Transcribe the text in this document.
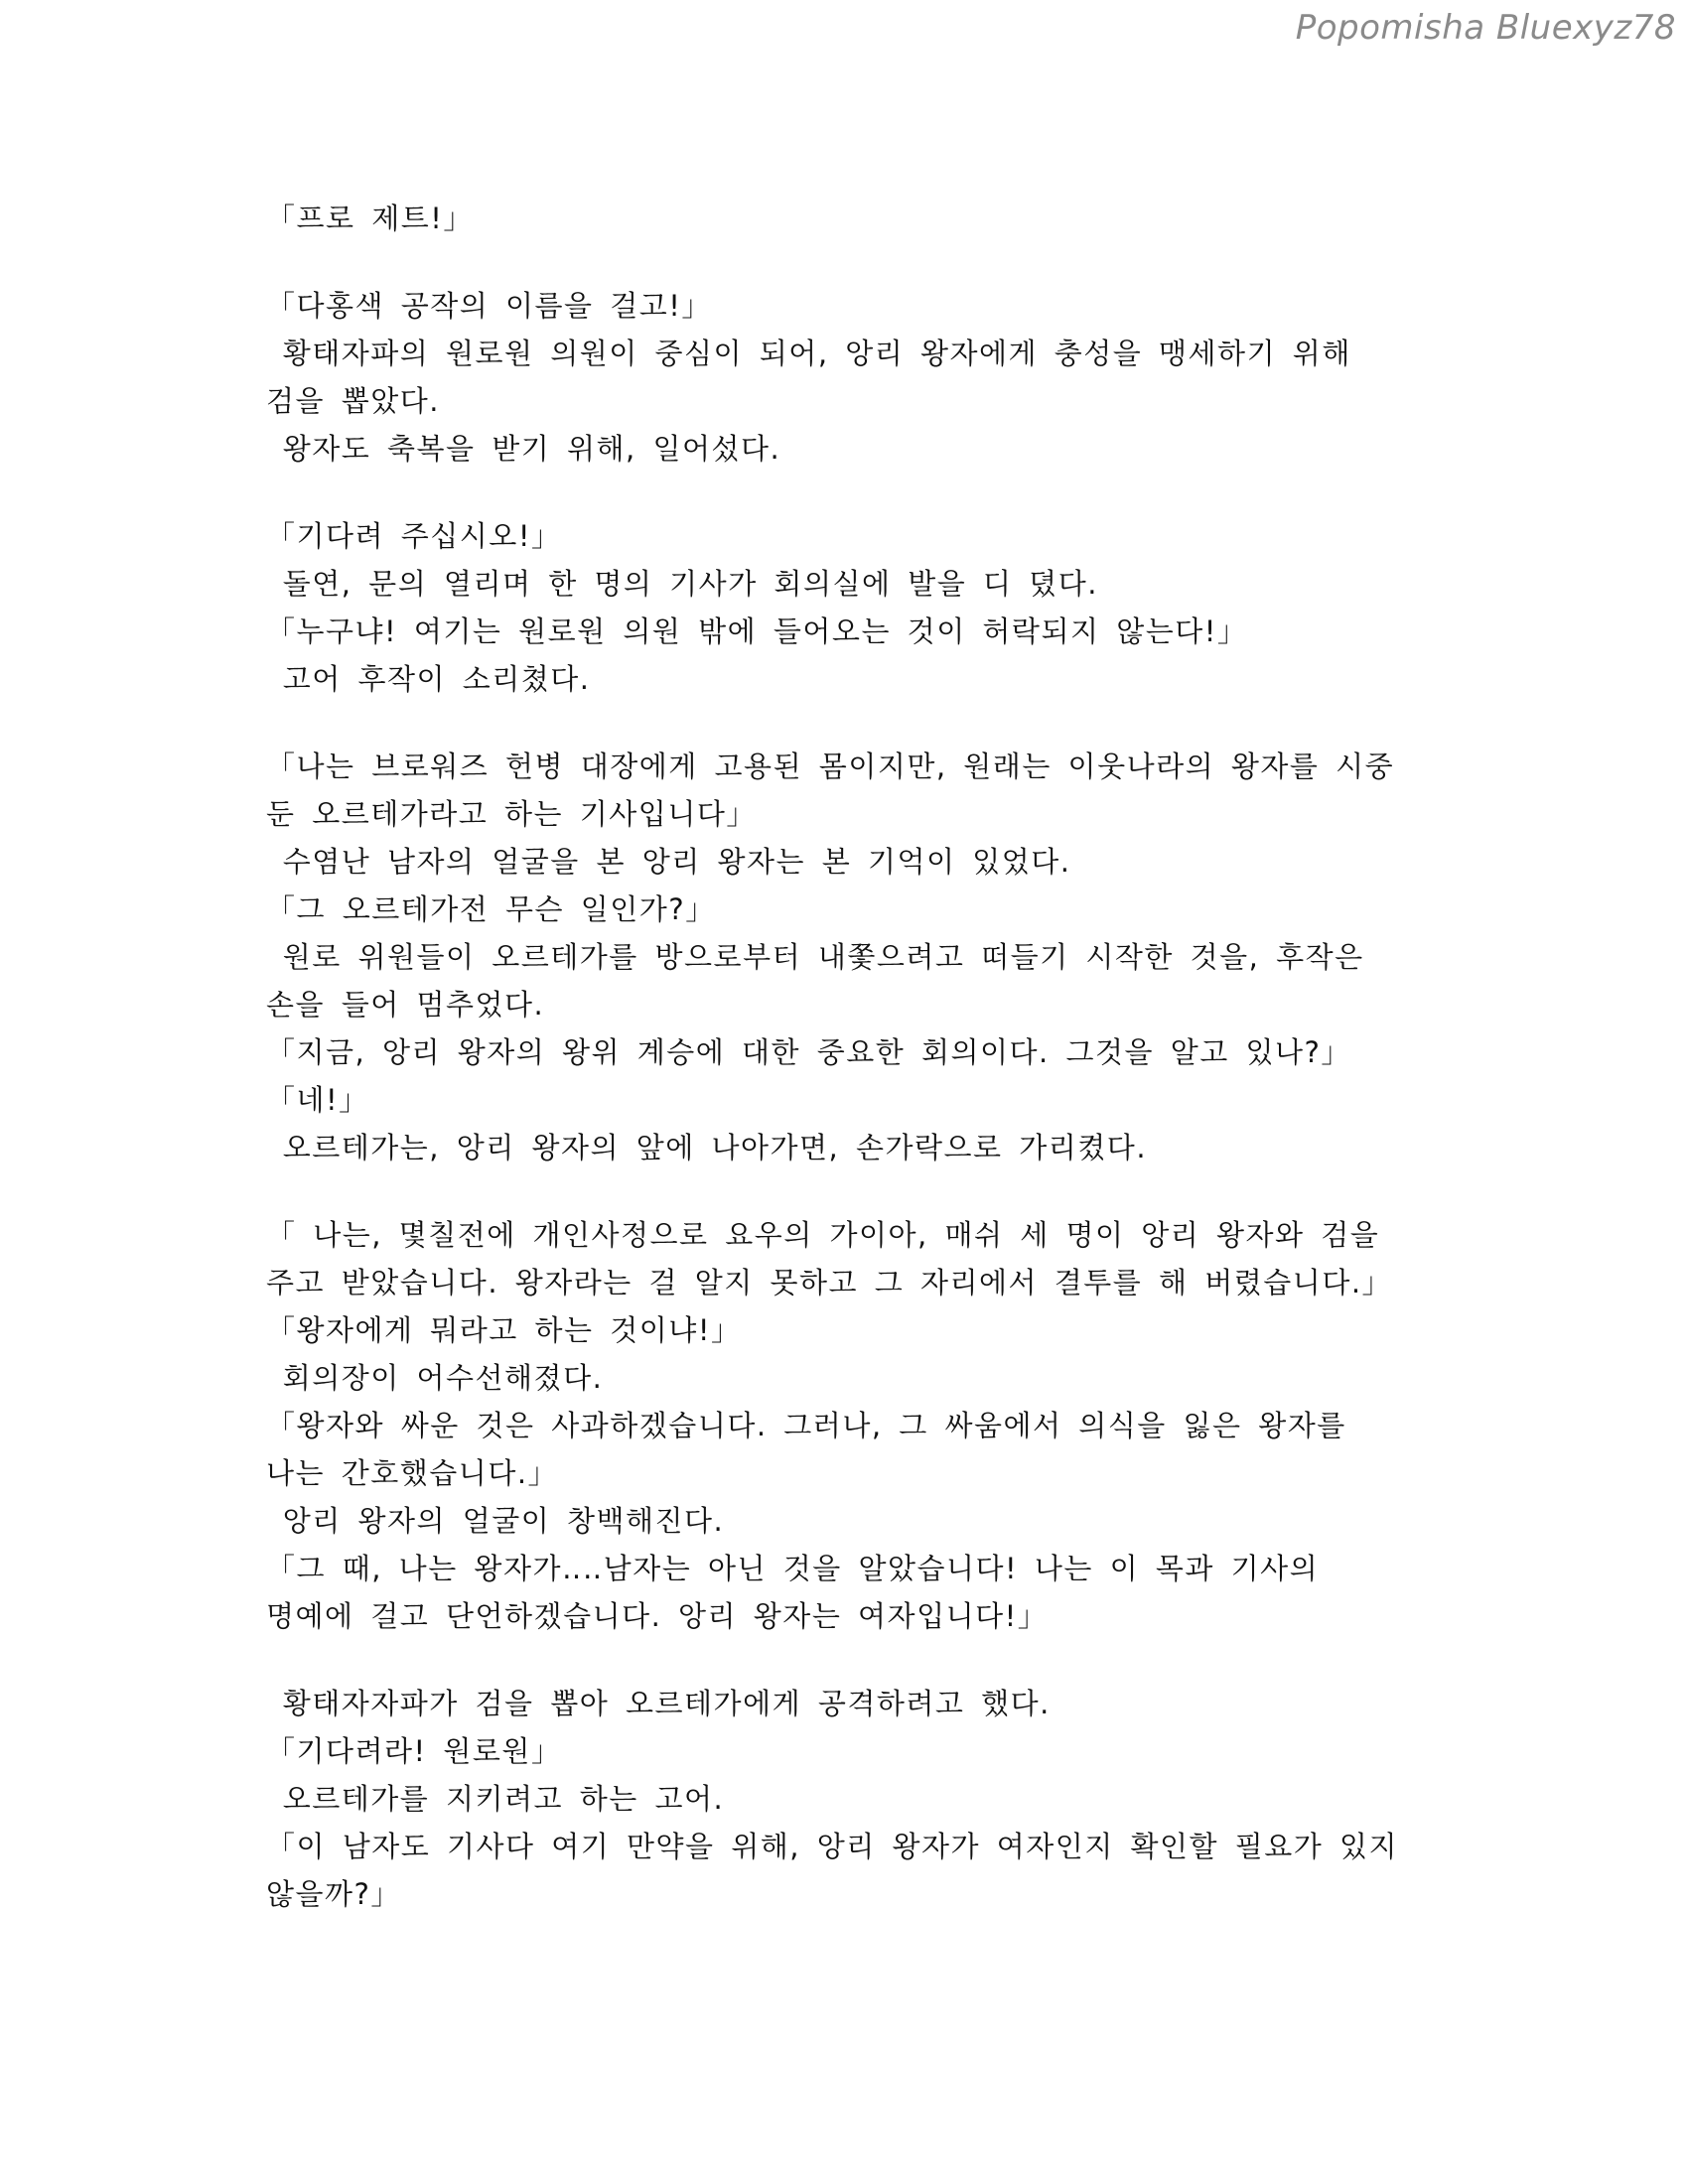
Popomisha Bluexyz78
「프로 제트!」
「다홍색 공작의 이름을 걸고!」
황태자파의 원로원 의원이 중심이 되어, 앙리 왕자에게 충성을 맹세하기 위해
검을 뽑았다.
왕자도 축복을 받기 위해, 일어섰다.
「기다려 주십시오!」
돌연, 문의 열리며 한 명의 기사가 회의실에 발을 디 뎠다.
「누구냐! 여기는 원로원 의원 밖에 들어오는 것이 허락되지 않는다!」
고어 후작이 소리쳤다.
「나는 브로워즈 헌병 대장에게 고용된 몸이지만, 원래는 이웃나라의 왕자를 시중
둔 오르테가라고 하는 기사입니다」
수염난 남자의 얼굴을 본 앙리 왕자는 본 기억이 있었다.
「그 오르테가전 무슨 일인가?」
원로 위원들이 오르테가를 방으로부터 내쫓으려고 떠들기 시작한 것을, 후작은
손을 들어 멈추었다.
「지금, 앙리 왕자의 왕위 계승에 대한 중요한 회의이다. 그것을 알고 있나?」
「네!」
오르테가는, 앙리 왕자의 앞에 나아가면, 손가락으로 가리켰다.
「 나는, 몇칠전에 개인사정으로 요우의 가이아, 매쉬 세 명이 앙리 왕자와 검을
주고 받았습니다. 왕자라는 걸 알지 못하고 그 자리에서 결투를 해 버렸습니다.」
「왕자에게 뭐라고 하는 것이냐!」
회의장이 어수선해졌다.
「왕자와 싸운 것은 사과하겠습니다. 그러나, 그 싸움에서 의식을 잃은 왕자를
나는 간호했습니다.」
앙리 왕자의 얼굴이 창백해진다.
「그 때, 나는 왕자가‥‥남자는 아닌 것을 알았습니다! 나는 이 목과 기사의
명예에 걸고 단언하겠습니다. 앙리 왕자는 여자입니다!」
황태자자파가 검을 뽑아 오르테가에게 공격하려고 했다.
「기다려라! 원로원」
오르테가를 지키려고 하는 고어.
「이 남자도 기사다 여기 만약을 위해, 앙리 왕자가 여자인지 확인할 필요가 있지
않을까?」
